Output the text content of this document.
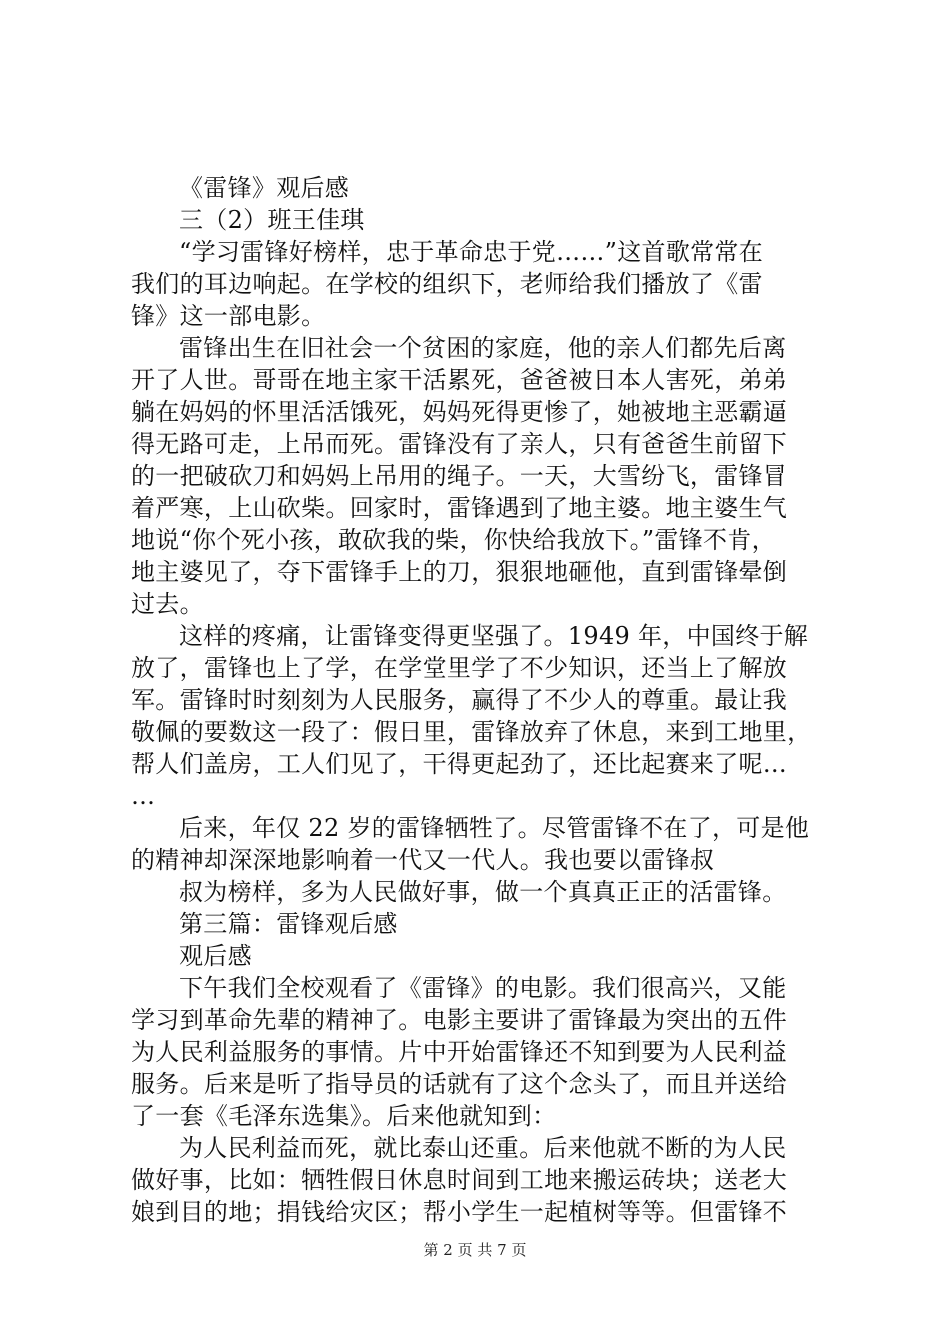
《雷锋》观后感
三（2）班王佳琪
“学习雷锋好榜样，忠于革命忠于党……”这首歌常常在
我们的耳边响起。在学校的组织下，老师给我们播放了《雷
锋》这一部电影。
雷锋出生在旧社会一个贫困的家庭，他的亲人们都先后离
开了人世。哥哥在地主家干活累死，爸爸被日本人害死，弟弟
躺在妈妈的怀里活活饿死，妈妈死得更惨了，她被地主恶霸逼
得无路可走，上吊而死。雷锋没有了亲人，只有爸爸生前留下
的一把破砍刀和妈妈上吊用的绳子。一天，大雪纷飞，雷锋冒
着严寒，上山砍柴。回家时，雷锋遇到了地主婆。地主婆生气
地说“你个死小孩，敢砍我的柴，你快给我放下。”雷锋不肯，
地主婆见了，夺下雷锋手上的刀，狠狠地砸他，直到雷锋晕倒
过去。
这样的疼痛，让雷锋变得更坚强了。1949 年，中国终于解
放了，雷锋也上了学，在学堂里学了不少知识，还当上了解放
军。雷锋时时刻刻为人民服务，赢得了不少人的尊重。最让我
敬佩的要数这一段了：假日里，雷锋放弃了休息，来到工地里，
帮人们盖房，工人们见了，干得更起劲了，还比起赛来了呢…
…
后来，年仅 22 岁的雷锋牺牲了。尽管雷锋不在了，可是他
的精神却深深地影响着一代又一代人。我也要以雷锋叔
叔为榜样，多为人民做好事，做一个真真正正的活雷锋。
第三篇：雷锋观后感
观后感
下午我们全校观看了《雷锋》的电影。我们很高兴，又能
学习到革命先辈的精神了。电影主要讲了雷锋最为突出的五件
为人民利益服务的事情。片中开始雷锋还不知到要为人民利益
服务。后来是听了指导员的话就有了这个念头了，而且并送给
了一套《毛泽东选集》。后来他就知到：
为人民利益而死，就比泰山还重。后来他就不断的为人民
做好事，比如：牺牲假日休息时间到工地来搬运砖块；送老大
娘到目的地；捐钱给灾区；帮小学生一起植树等等。但雷锋不
第 2 页 共 7 页
